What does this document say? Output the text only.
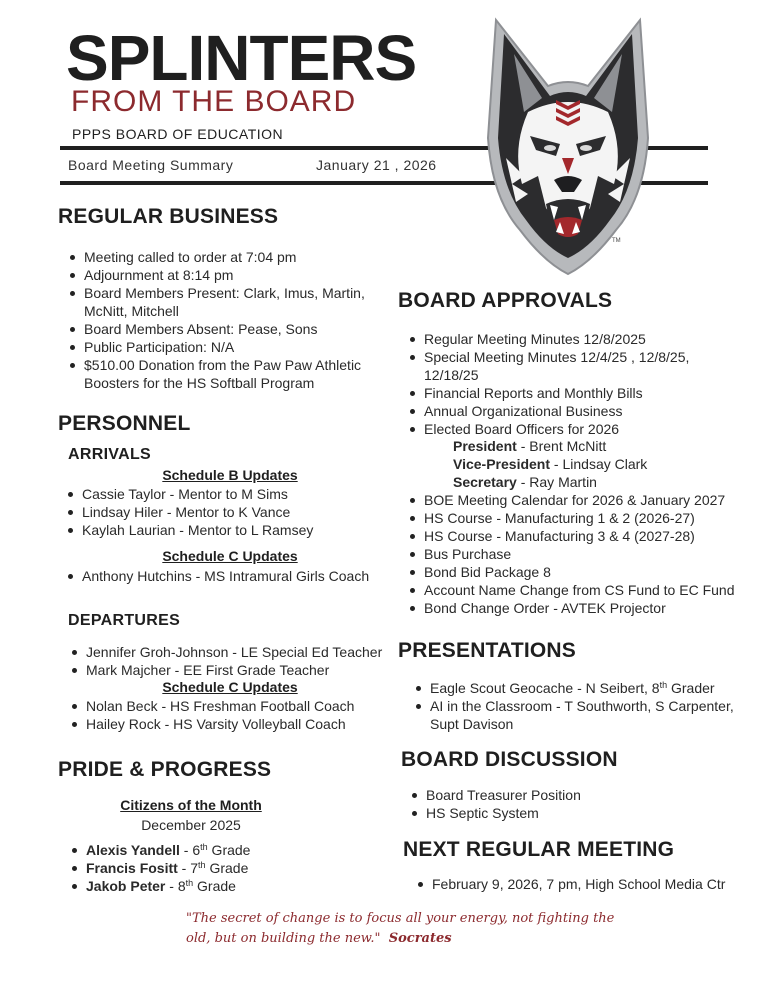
SPLINTERS
FROM THE BOARD
PPPS BOARD OF EDUCATION
Board Meeting Summary	January 21 , 2026
TM
REGULAR BUSINESS
Meeting called to order at 7:04 pm
Adjournment at 8:14 pm
Board Members Present: Clark, Imus, Martin, McNitt, Mitchell
Board Members Absent: Pease, Sons
Public Participation: N/A
$510.00 Donation from the Paw Paw Athletic Boosters for the HS Softball Program
PERSONNEL
ARRIVALS
Schedule B Updates
Cassie Taylor - Mentor to M Sims
Lindsay Hiler - Mentor to K Vance
Kaylah Laurian - Mentor to L Ramsey
Schedule C Updates
Anthony Hutchins - MS Intramural Girls Coach
DEPARTURES
Jennifer Groh-Johnson - LE Special Ed Teacher
Mark Majcher - EE First Grade Teacher
Schedule C Updates
Nolan Beck - HS Freshman Football Coach
Hailey Rock - HS Varsity Volleyball Coach
PRIDE & PROGRESS
Citizens of the Month
December 2025
Alexis Yandell - 6th Grade
Francis Fositt - 7th Grade
Jakob Peter - 8th Grade
BOARD APPROVALS
Regular Meeting Minutes 12/8/2025
Special Meeting Minutes 12/4/25 , 12/8/25, 12/18/25
Financial Reports and Monthly Bills
Annual Organizational Business
Elected Board Officers for 2026
President - Brent McNitt
Vice-President - Lindsay Clark
Secretary - Ray Martin
BOE Meeting Calendar for 2026 & January 2027
HS Course - Manufacturing 1 & 2 (2026-27)
HS Course - Manufacturing 3 & 4 (2027-28)
Bus Purchase
Bond Bid Package 8
Account Name Change from CS Fund to EC Fund
Bond Change Order - AVTEK Projector
PRESENTATIONS
Eagle Scout Geocache - N Seibert, 8th Grader
AI in the Classroom - T Southworth, S Carpenter, Supt Davison
BOARD DISCUSSION
Board Treasurer Position
HS Septic System
NEXT REGULAR MEETING
February 9, 2026, 7 pm, High School Media Ctr
"The secret of change is to focus all your energy, not fighting the old, but on building the new." Socrates
